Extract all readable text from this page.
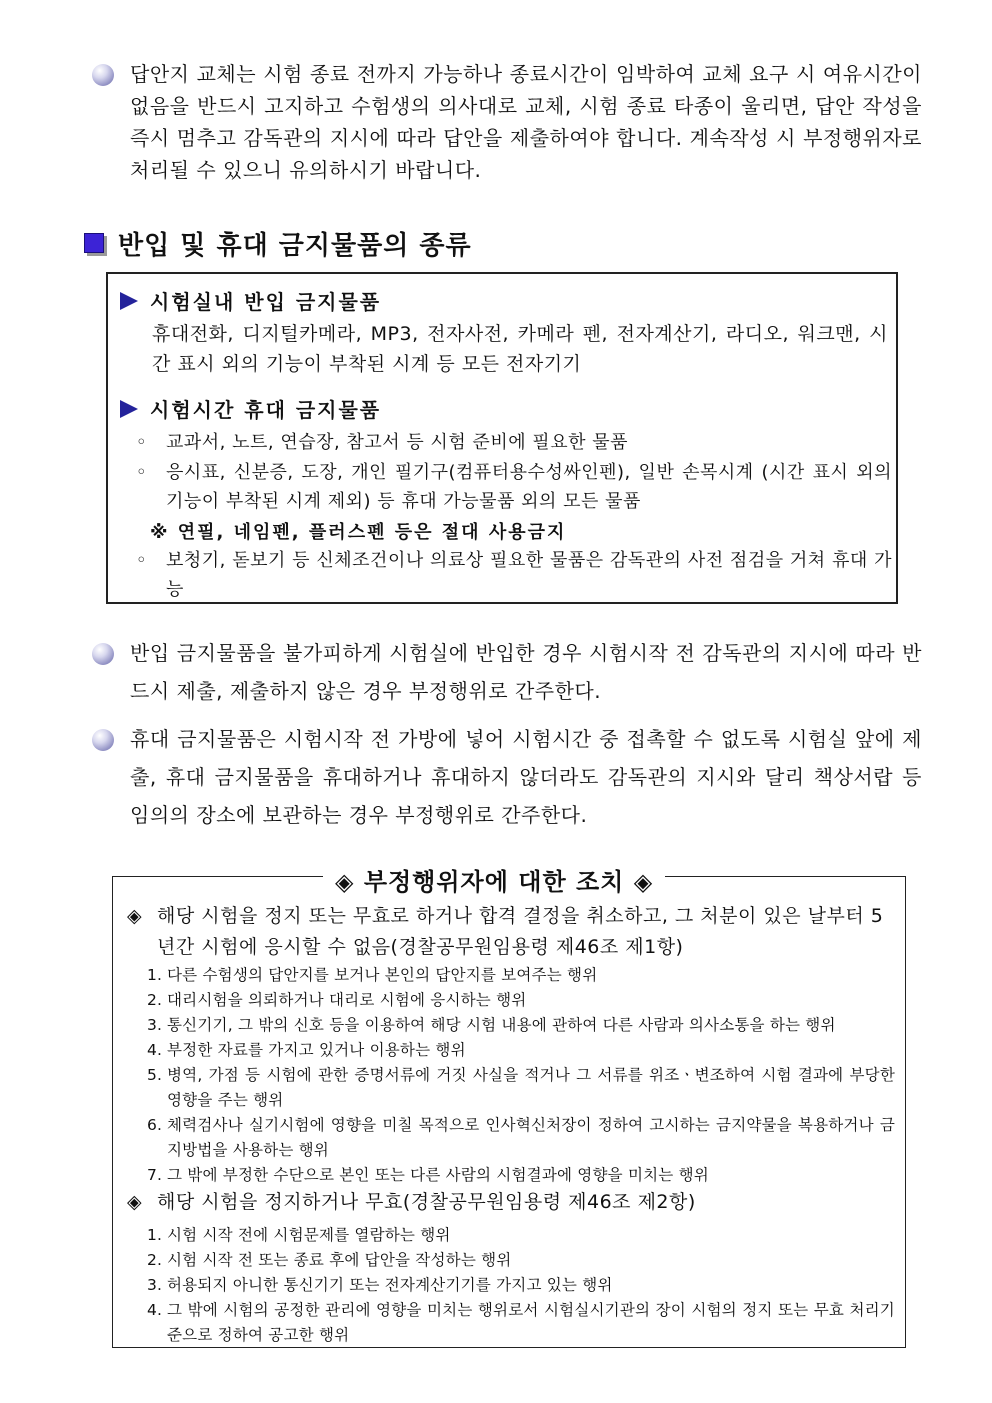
답안지 교체는 시험 종료 전까지 가능하나 종료시간이 임박하여 교체 요구 시 여유시간이 없음을 반드시 고지하고 수험생의 의사대로 교체, 시험 종료 타종이 울리면, 답안 작성을 즉시 멈추고 감독관의 지시에 따라 답안을 제출하여야 합니다. 계속작성 시 부정행위자로 처리될 수 있으니 유의하시기 바랍니다.
반입 및 휴대 금지물품의 종류
시험실내 반입 금지물품
휴대전화, 디지털카메라, MP3, 전자사전, 카메라 펜, 전자계산기, 라디오, 워크맨, 시간 표시 외의 기능이 부착된 시계 등 모든 전자기기
시험시간 휴대 금지물품
◦	교과서, 노트, 연습장, 참고서 등 시험 준비에 필요한 물품
◦	응시표, 신분증, 도장, 개인 필기구(컴퓨터용수성싸인펜), 일반 손목시계 (시간 표시 외의 기능이 부착된 시계 제외) 등 휴대 가능물품 외의 모든 물품
※ 연필, 네임펜, 플러스펜 등은 절대 사용금지
◦	보청기, 돋보기 등 신체조건이나 의료상 필요한 물품은 감독관의 사전 점검을 거쳐 휴대 가능
반입 금지물품을 불가피하게 시험실에 반입한 경우 시험시작 전 감독관의 지시에 따라 반드시 제출, 제출하지 않은 경우 부정행위로 간주한다.
휴대 금지물품은 시험시작 전 가방에 넣어 시험시간 중 접촉할 수 없도록 시험실 앞에 제출, 휴대 금지물품을 휴대하거나 휴대하지 않더라도 감독관의 지시와 달리 책상서랍 등 임의의 장소에 보관하는 경우 부정행위로 간주한다.
◈ 부정행위자에 대한 조치 ◈
◈ 해당 시험을 정지 또는 무효로 하거나 합격 결정을 취소하고, 그 처분이 있은 날부터 5년간 시험에 응시할 수 없음(경찰공무원임용령 제46조 제1항)
1. 다른 수험생의 답안지를 보거나 본인의 답안지를 보여주는 행위
2. 대리시험을 의뢰하거나 대리로 시험에 응시하는 행위
3. 통신기기, 그 밖의 신호 등을 이용하여 해당 시험 내용에 관하여 다른 사람과 의사소통을 하는 행위
4. 부정한 자료를 가지고 있거나 이용하는 행위
5. 병역, 가점 등 시험에 관한 증명서류에 거짓 사실을 적거나 그 서류를 위조ㆍ변조하여 시험 결과에 부당한 영향을 주는 행위
6. 체력검사나 실기시험에 영향을 미칠 목적으로 인사혁신처장이 정하여 고시하는 금지약물을 복용하거나 금지방법을 사용하는 행위
7. 그 밖에 부정한 수단으로 본인 또는 다른 사람의 시험결과에 영향을 미치는 행위
◈ 해당 시험을 정지하거나 무효(경찰공무원임용령 제46조 제2항)
1. 시험 시작 전에 시험문제를 열람하는 행위
2. 시험 시작 전 또는 종료 후에 답안을 작성하는 행위
3. 허용되지 아니한 통신기기 또는 전자계산기기를 가지고 있는 행위
4. 그 밖에 시험의 공정한 관리에 영향을 미치는 행위로서 시험실시기관의 장이 시험의 정지 또는 무효 처리기준으로 정하여 공고한 행위
